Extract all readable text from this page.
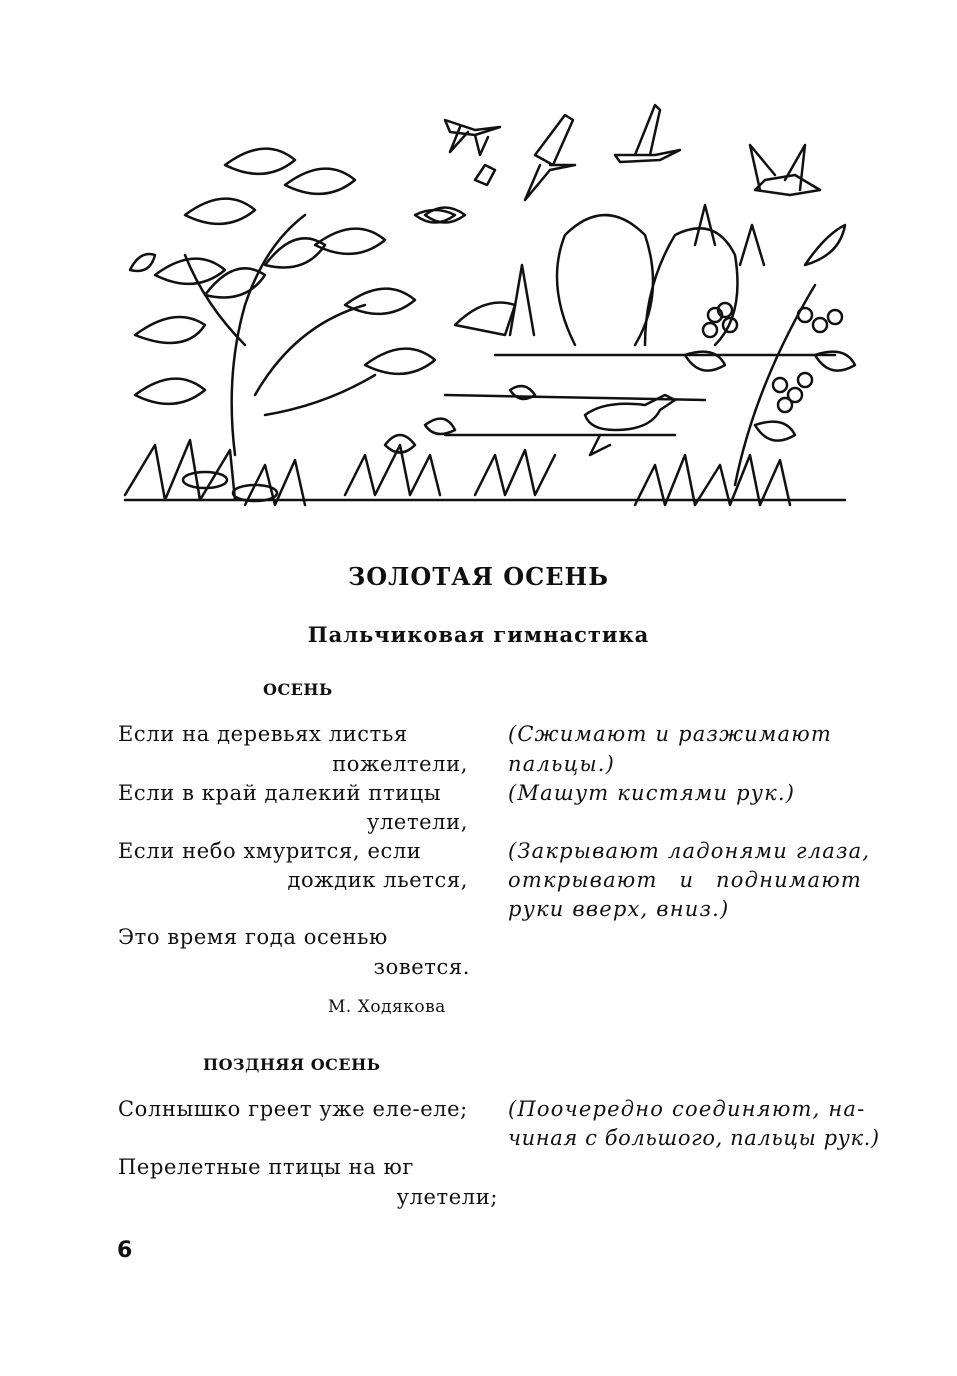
ЗОЛОТАЯ ОСЕНЬ
Пальчиковая гимнастика
ОСЕНЬ
Если на деревьях листья
пожелтели,
Если в край далекий птицы
улетели,
Если небо хмурится, если
дождик льется,
Это время года осенью
зовется.
(Сжимают и разжимают
пальцы.)
(Машут кистями рук.)
(Закрывают ладонями глаза,
открывают и поднимают
руки вверх, вниз.)
М. Ходякова
ПОЗДНЯЯ ОСЕНЬ
Солнышко греет уже еле-еле;
Перелетные птицы на юг
улетели;
(Поочередно соединяют, на-
чиная с большого, пальцы рук.)
6
